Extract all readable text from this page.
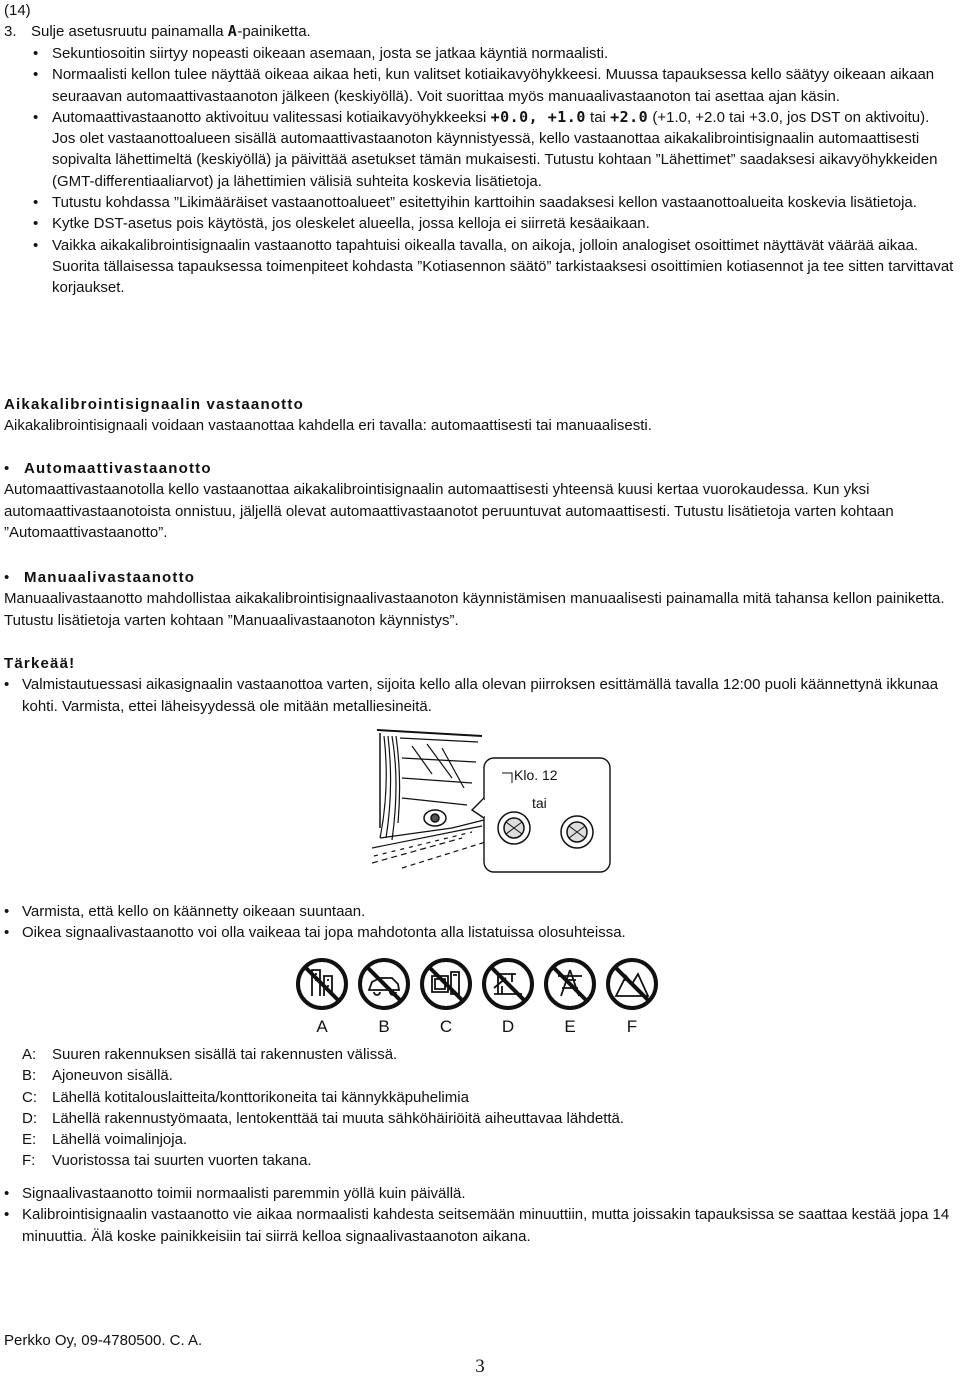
(14)

3. Sulje asetusruutu painamalla A-painiketta.

• Sekuntiosoitin siirtyy nopeasti oikeaan asemaan, josta se jatkaa käyntiä normaalisti.

• Normaalisti kellon tulee näyttää oikeaa aikaa heti, kun valitset kotiaikavyöhykkeesi. Muussa tapauksessa kello säätyy oikeaan aikaan seuraavan automaattivastaanoton jälkeen (keskiyöllä). Voit suorittaa myös manuaalivastaanoton tai asettaa ajan käsin.

• Automaattivastaanotto aktivoituu valitessasi kotiaikavyöhykkeeksi +0.0, +1.0 tai +2.0 (+1.0, +2.0 tai +3.0, jos DST on aktivoitu). Jos olet vastaanottoalueen sisällä automaattivastaanoton käynnistyessä, kello vastaanottaa aikakalibrointisignaalin automaattisesti sopivalta lähettimeltä (keskiyöllä) ja päivittää asetukset tämän mukaisesti. Tutustu kohtaan ”Lähettimet” saadaksesi aikavyöhykkeiden (GMT-differentiaaliarvot) ja lähettimien välisiä suhteita koskevia lisätietoja.

• Tutustu kohdassa ”Likimääräiset vastaanottoalueet” esitettyihin karttoihin saadaksesi kellon vastaanottoalueita koskevia lisätietoja.

• Kytke DST-asetus pois käytöstä, jos oleskelet alueella, jossa kelloja ei siirretä kesäaikaan.

• Vaikka aikakalibrointisignaalin vastaanotto tapahtuisi oikealla tavalla, on aikoja, jolloin analogiset osoittimet näyttävät väärää aikaa. Suorita tällaisessa tapauksessa toimenpiteet kohdasta ”Kotiasennon säätö” tarkistaaksesi osoittimien kotiasennot ja tee sitten tarvittavat korjaukset.

Aikakalibrointisignaalin vastaanotto

Aikakalibrointisignaali voidaan vastaanottaa kahdella eri tavalla: automaattisesti tai manuaalisesti.

• Automaattivastaanotto

Automaattivastaanotolla kello vastaanottaa aikakalibrointisignaalin automaattisesti yhteensä kuusi kertaa vuorokaudessa. Kun yksi automaattivastaanotoista onnistuu, jäljellä olevat automaattivastaanotot peruuntuvat automaattisesti. Tutustu lisätietoja varten kohtaan ”Automaattivastaanotto”.

• Manuaalivastaanotto

Manuaalivastaanotto mahdollistaa aikakalibrointisignaalivastaanoton käynnistämisen manuaalisesti painamalla mitä tahansa kellon painiketta. Tutustu lisätietoja varten kohtaan ”Manuaalivastaanoton käynnistys”.

Tärkeää!

• Valmistautuessasi aikasignaalin vastaanottoa varten, sijoita kello alla olevan piirroksen esittämällä tavalla 12:00 puoli käännettynä ikkunaa kohti. Varmista, ettei läheisyydessä ole mitään metalliesineitä.

Klo. 12
tai

• Varmista, että kello on käännetty oikeaan suuntaan.

• Oikea signaalivastaanotto voi olla vaikeaa tai jopa mahdotonta alla listatuissa olosuhteissa.

A	B	C	D	E	F

A: Suuren rakennuksen sisällä tai rakennusten välissä.

B: Ajoneuvon sisällä.

C: Lähellä kotitalouslaitteita/konttorikoneita tai kännykkäpuhelimia

D: Lähellä rakennustyömaata, lentokenttää tai muuta sähköhäiriöitä aiheuttavaa lähdettä.

E: Lähellä voimalinjoja.

F: Vuoristossa tai suurten vuorten takana.

• Signaalivastaanotto toimii normaalisti paremmin yöllä kuin päivällä.

• Kalibrointisignaalin vastaanotto vie aikaa normaalisti kahdesta seitsemään minuuttiin, mutta joissakin tapauksissa se saattaa kestää jopa 14 minuuttia. Älä koske painikkeisiin tai siirrä kelloa signaalivastaanoton aikana.

Perkko Oy, 09-4780500. C. A.
3
